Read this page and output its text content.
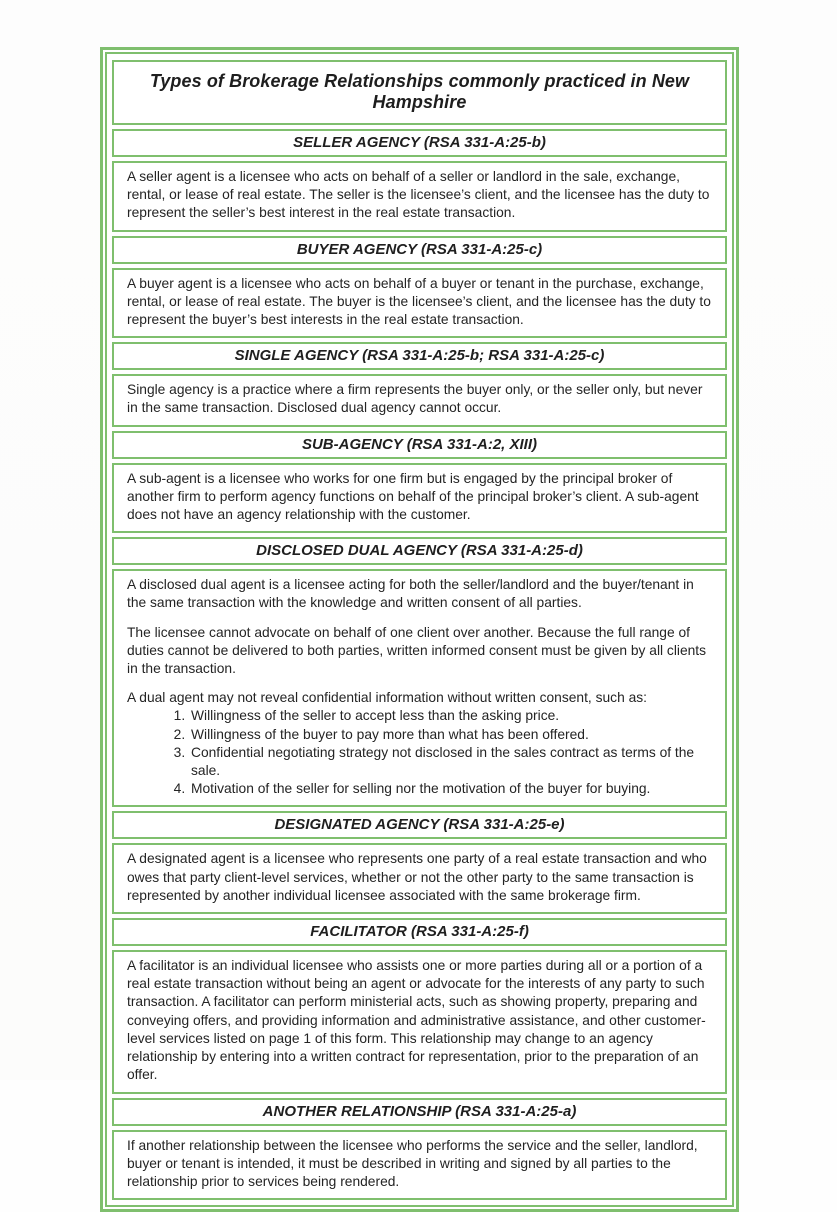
Types of Brokerage Relationships commonly practiced in New Hampshire
SELLER AGENCY (RSA 331-A:25-b)

A seller agent is a licensee who acts on behalf of a seller or landlord in the sale, exchange, rental, or lease of real estate. The seller is the licensee’s client, and the licensee has the duty to represent the seller’s best interest in the real estate transaction.

BUYER AGENCY (RSA 331-A:25-c)

A buyer agent is a licensee who acts on behalf of a buyer or tenant in the purchase, exchange, rental, or lease of real estate. The buyer is the licensee’s client, and the licensee has the duty to represent the buyer’s best interests in the real estate transaction.

SINGLE AGENCY (RSA 331-A:25-b; RSA 331-A:25-c)

Single agency is a practice where a firm represents the buyer only, or the seller only, but never in the same transaction. Disclosed dual agency cannot occur.

SUB-AGENCY (RSA 331-A:2, XIII)

A sub-agent is a licensee who works for one firm but is engaged by the principal broker of another firm to perform agency functions on behalf of the principal broker’s client. A sub-agent does not have an agency relationship with the customer.

DISCLOSED DUAL AGENCY (RSA 331-A:25-d)

A disclosed dual agent is a licensee acting for both the seller/landlord and the buyer/tenant in the same transaction with the knowledge and written consent of all parties.

The licensee cannot advocate on behalf of one client over another. Because the full range of duties cannot be delivered to both parties, written informed consent must be given by all clients in the transaction.

A dual agent may not reveal confidential information without written consent, such as:

1. Willingness of the seller to accept less than the asking price.
2. Willingness of the buyer to pay more than what has been offered.
3. Confidential negotiating strategy not disclosed in the sales contract as terms of the sale.
4. Motivation of the seller for selling nor the motivation of the buyer for buying.
DESIGNATED AGENCY (RSA 331-A:25-e)

A designated agent is a licensee who represents one party of a real estate transaction and who owes that party client-level services, whether or not the other party to the same transaction is represented by another individual licensee associated with the same brokerage firm.

FACILITATOR (RSA 331-A:25-f)

A facilitator is an individual licensee who assists one or more parties during all or a portion of a real estate transaction without being an agent or advocate for the interests of any party to such transaction. A facilitator can perform ministerial acts, such as showing property, preparing and conveying offers, and providing information and administrative assistance, and other customer-level services listed on page 1 of this form. This relationship may change to an agency relationship by entering into a written contract for representation, prior to the preparation of an offer.

ANOTHER RELATIONSHIP (RSA 331-A:25-a)

If another relationship between the licensee who performs the service and the seller, landlord, buyer or tenant is intended, it must be described in writing and signed by all parties to the relationship prior to services being rendered.
